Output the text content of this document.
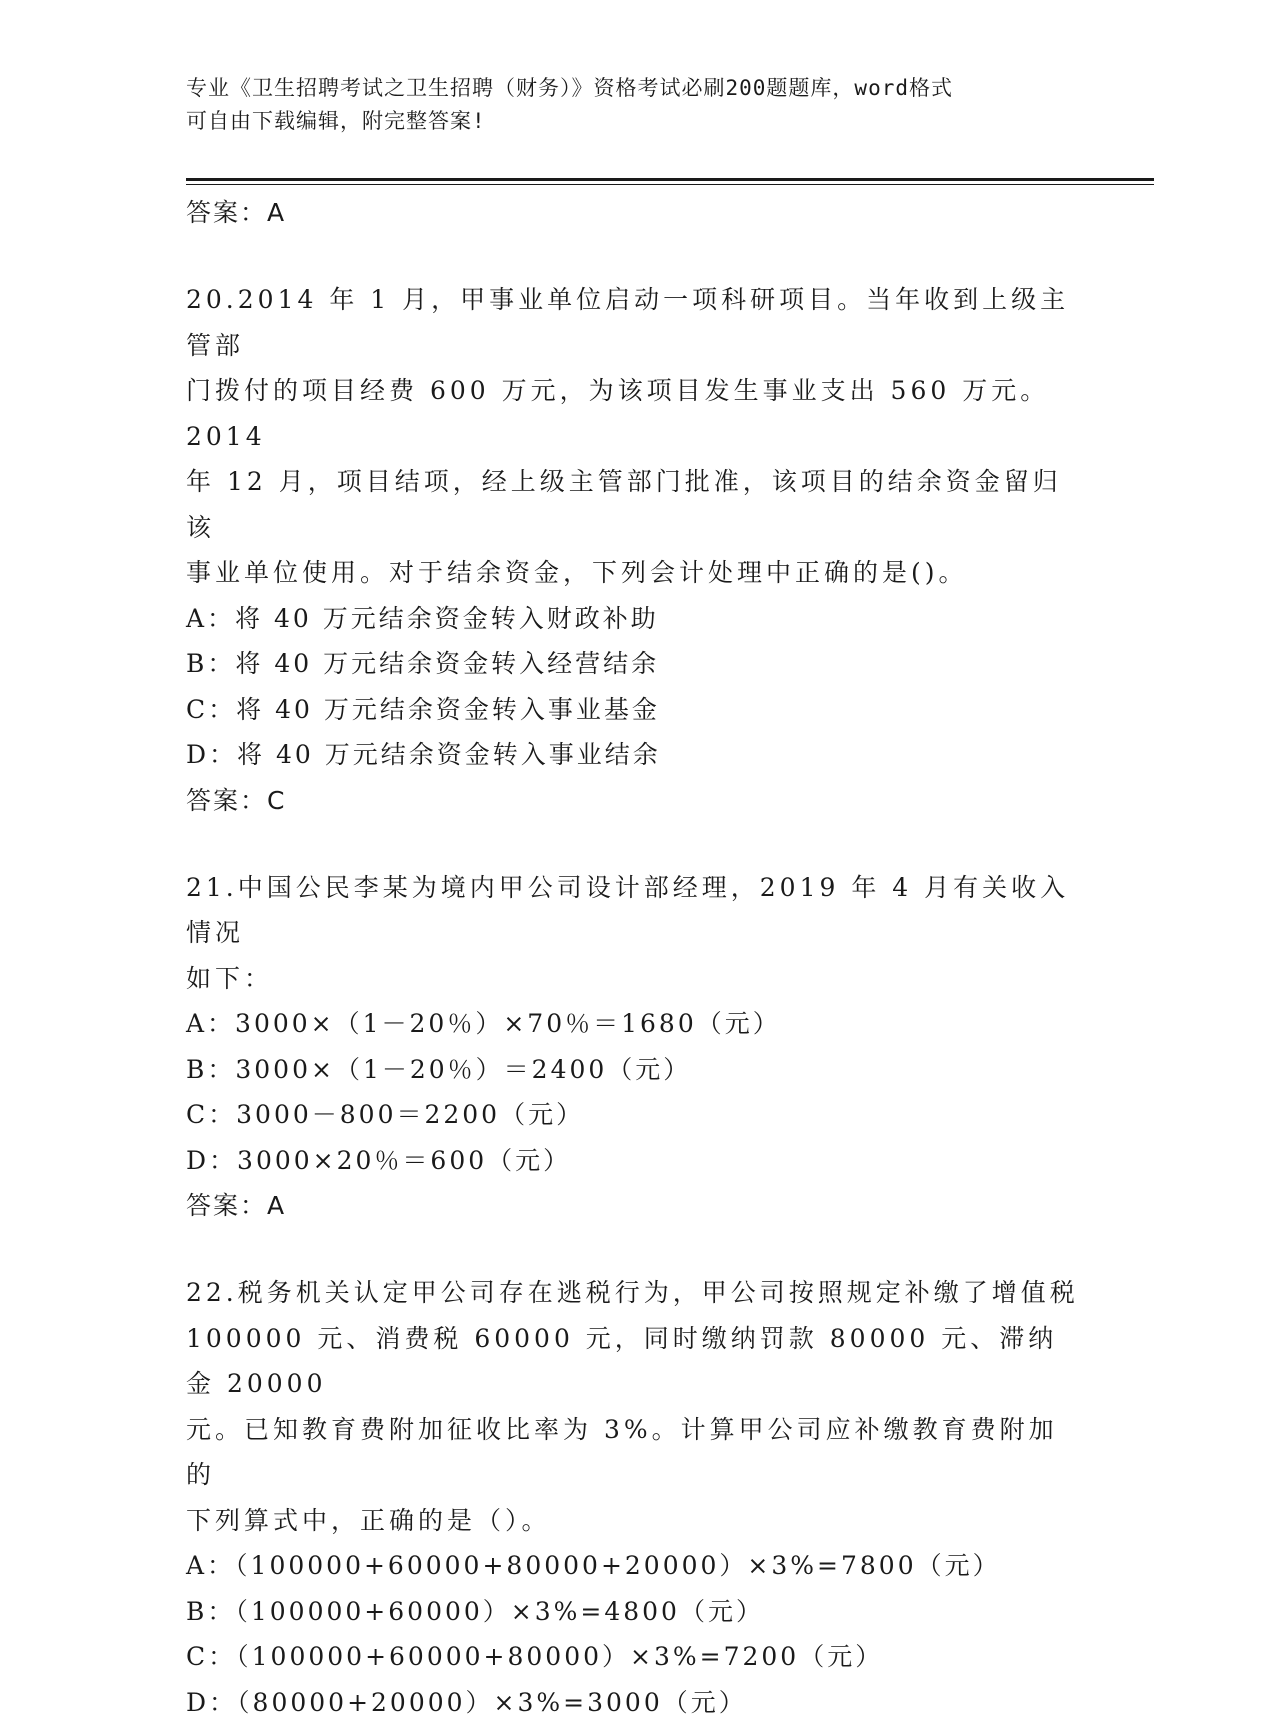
专业《卫生招聘考试之卫生招聘（财务）》资格考试必刷200题题库，word格式
可自由下载编辑，附完整答案!
答案：A
20.2014 年 1 月，甲事业单位启动一项科研项目。当年收到上级主管部
门拨付的项目经费 600 万元，为该项目发生事业支出 560 万元。2014
年 12 月，项目结项，经上级主管部门批准，该项目的结余资金留归该
事业单位使用。对于结余资金，下列会计处理中正确的是()。
A：将 40 万元结余资金转入财政补助
B：将 40 万元结余资金转入经营结余
C：将 40 万元结余资金转入事业基金
D：将 40 万元结余资金转入事业结余
答案：C
21.中国公民李某为境内甲公司设计部经理，2019 年 4 月有关收入情况
如下：
A：3000×（1－20％）×70％＝1680（元）
B：3000×（1－20％）＝2400（元）
C：3000－800＝2200（元）
D：3000×20％＝600（元）
答案：A
22.税务机关认定甲公司存在逃税行为，甲公司按照规定补缴了增值税
100000 元、消费税 60000 元，同时缴纳罚款 80000 元、滞纳金 20000
元。已知教育费附加征收比率为 3%。计算甲公司应补缴教育费附加的
下列算式中，正确的是（）。
A：（100000+60000+80000+20000）×3%=7800（元）
B：（100000+60000）×3%=4800（元）
C：（100000+60000+80000）×3%=7200（元）
D：（80000+20000）×3%=3000（元）
